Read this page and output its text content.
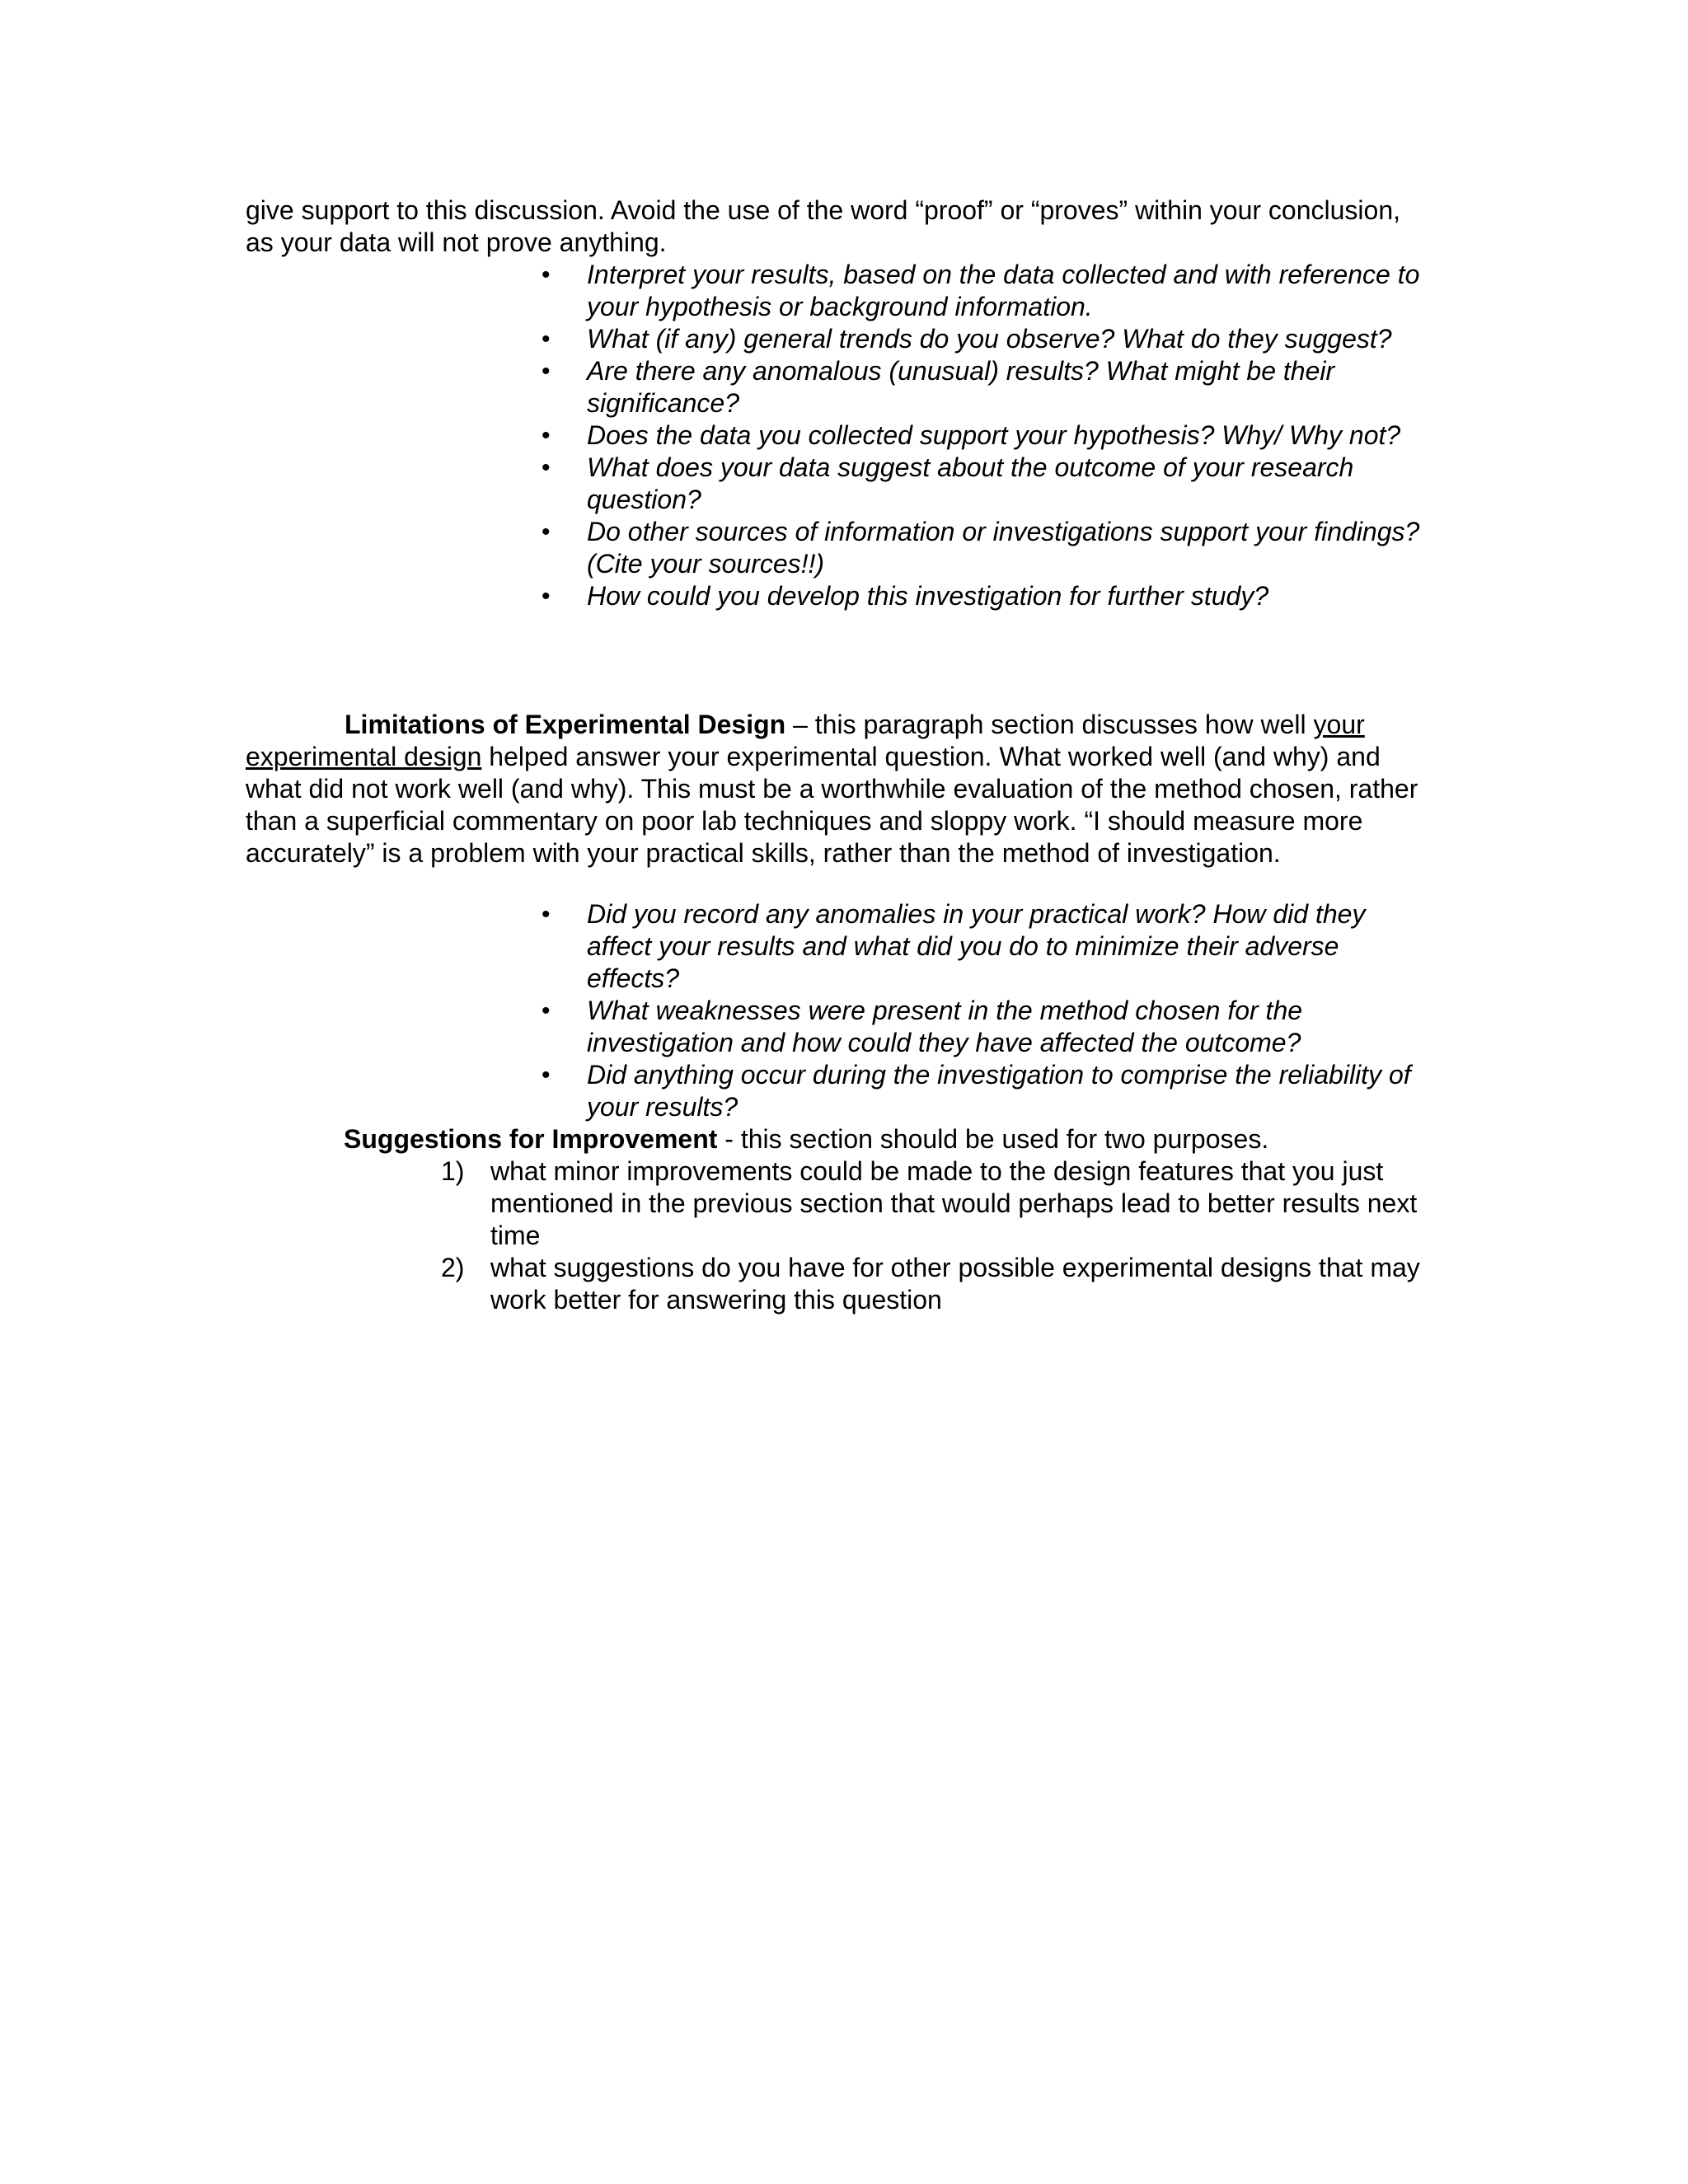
give support to this discussion. Avoid the use of the word “proof” or “proves” within your conclusion, as your data will not prove anything.

• Interpret your results, based on the data collected and with reference to your hypothesis or background information.
• What (if any) general trends do you observe? What do they suggest?
• Are there any anomalous (unusual) results? What might be their significance?
• Does the data you collected support your hypothesis? Why/ Why not?
• What does your data suggest about the outcome of your research question?
• Do other sources of information or investigations support your findings? (Cite your sources!!)
• How could you develop this investigation for further study?

Limitations of Experimental Design – this paragraph section discusses how well your experimental design helped answer your experimental question. What worked well (and why) and what did not work well (and why). This must be a worthwhile evaluation of the method chosen, rather than a superficial commentary on poor lab techniques and sloppy work. “I should measure more accurately” is a problem with your practical skills, rather than the method of investigation.

• Did you record any anomalies in your practical work? How did they affect your results and what did you do to minimize their adverse effects?
• What weaknesses were present in the method chosen for the investigation and how could they have affected the outcome?
• Did anything occur during the investigation to comprise the reliability of your results?

Suggestions for Improvement - this section should be used for two purposes.

1) what minor improvements could be made to the design features that you just mentioned in the previous section that would perhaps lead to better results next time
2) what suggestions do you have for other possible experimental designs that may work better for answering this question
